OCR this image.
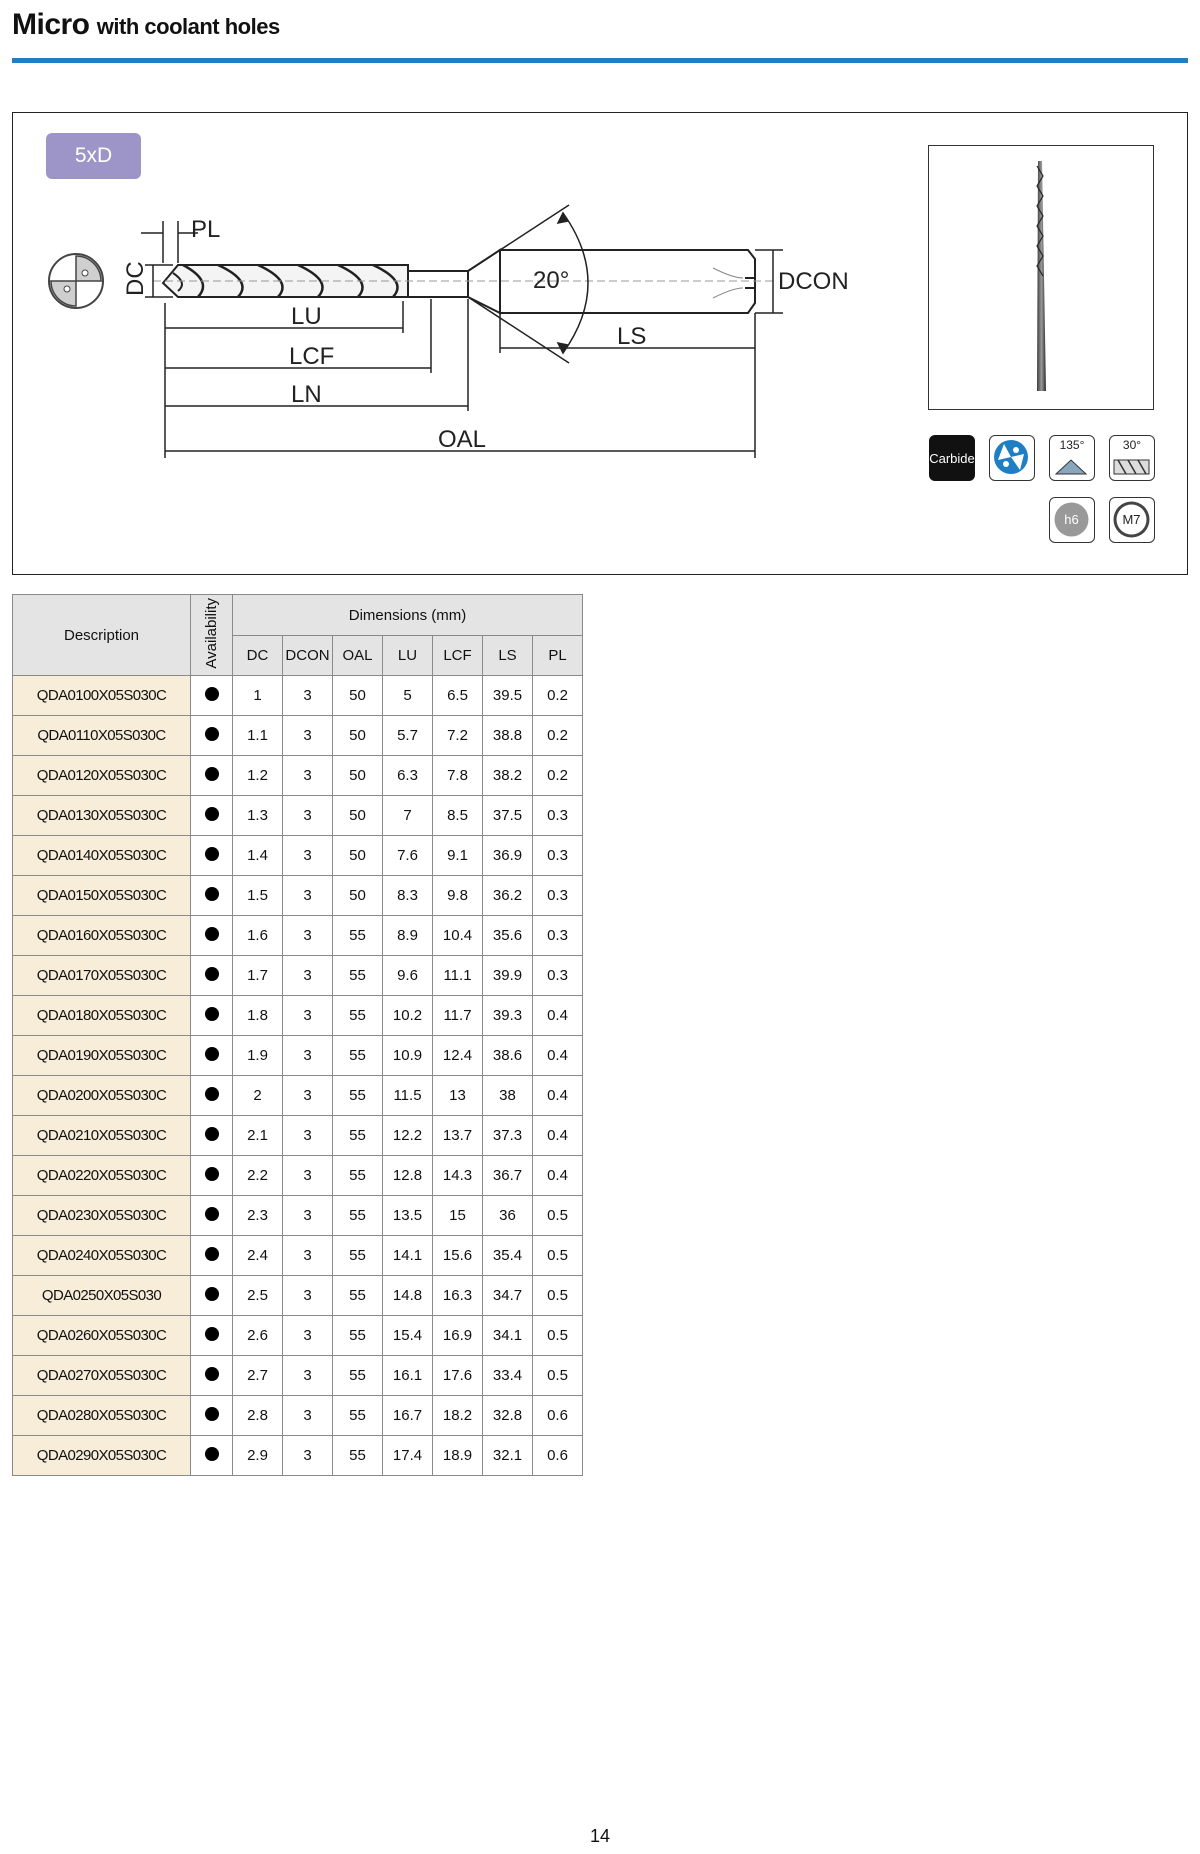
Micro with coolant holes
5xD
PL
DC
LU
LCF
LN
OAL
20°
LS
DCON
Carbide
135°	30°
h6	M7
Description	Availability	Dimensions (mm)						
		DC	DCON	OAL	LU	LCF	LS	PL
QDA0100X05S030C		1	3	50	5	6.5	39.5	0.2
QDA0110X05S030C		1.1	3	50	5.7	7.2	38.8	0.2
QDA0120X05S030C		1.2	3	50	6.3	7.8	38.2	0.2
QDA0130X05S030C		1.3	3	50	7	8.5	37.5	0.3
QDA0140X05S030C		1.4	3	50	7.6	9.1	36.9	0.3
QDA0150X05S030C		1.5	3	50	8.3	9.8	36.2	0.3
QDA0160X05S030C		1.6	3	55	8.9	10.4	35.6	0.3
QDA0170X05S030C		1.7	3	55	9.6	11.1	39.9	0.3
QDA0180X05S030C		1.8	3	55	10.2	11.7	39.3	0.4
QDA0190X05S030C		1.9	3	55	10.9	12.4	38.6	0.4
QDA0200X05S030C		2	3	55	11.5	13	38	0.4
QDA0210X05S030C		2.1	3	55	12.2	13.7	37.3	0.4
QDA0220X05S030C		2.2	3	55	12.8	14.3	36.7	0.4
QDA0230X05S030C		2.3	3	55	13.5	15	36	0.5
QDA0240X05S030C		2.4	3	55	14.1	15.6	35.4	0.5
QDA0250X05S030		2.5	3	55	14.8	16.3	34.7	0.5
QDA0260X05S030C		2.6	3	55	15.4	16.9	34.1	0.5
QDA0270X05S030C		2.7	3	55	16.1	17.6	33.4	0.5
QDA0280X05S030C		2.8	3	55	16.7	18.2	32.8	0.6
QDA0290X05S030C		2.9	3	55	17.4	18.9	32.1	0.6
14
